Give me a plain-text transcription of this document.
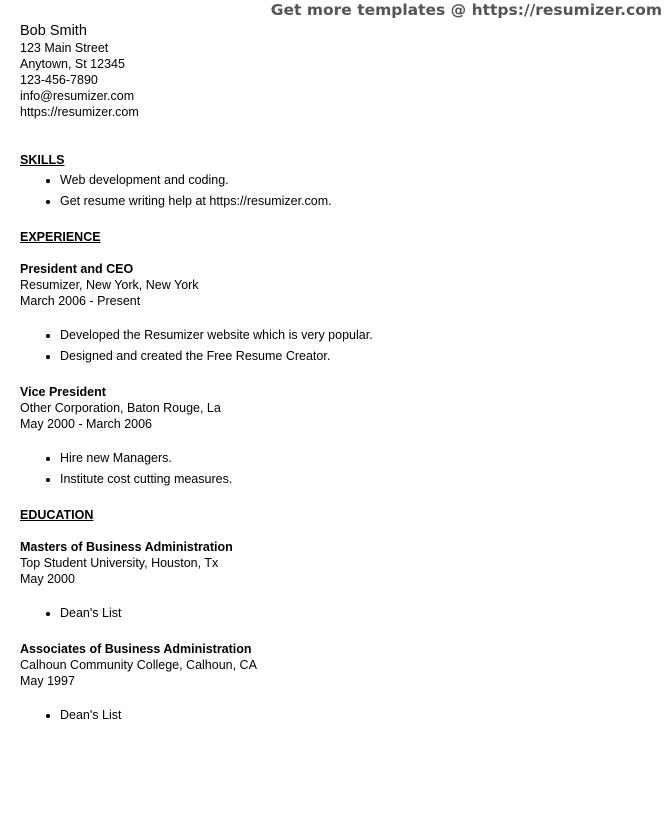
Get more templates @ https://resumizer.com

Bob Smith

123 Main Street

Anytown, St 12345

123-456-7890

info@resumizer.com

https://resumizer.com

SKILLS

• Web development and coding.
• Get resume writing help at https://resumizer.com.

EXPERIENCE

President and CEO

Resumizer, New York, New York

March 2006 - Present

• Developed the Resumizer website which is very popular.
• Designed and created the Free Resume Creator.

Vice President

Other Corporation, Baton Rouge, La

May 2000 - March 2006

• Hire new Managers.
• Institute cost cutting measures.

EDUCATION

Masters of Business Administration

Top Student University, Houston, Tx

May 2000

• Dean's List

Associates of Business Administration

Calhoun Community College, Calhoun, CA

May 1997

• Dean's List
